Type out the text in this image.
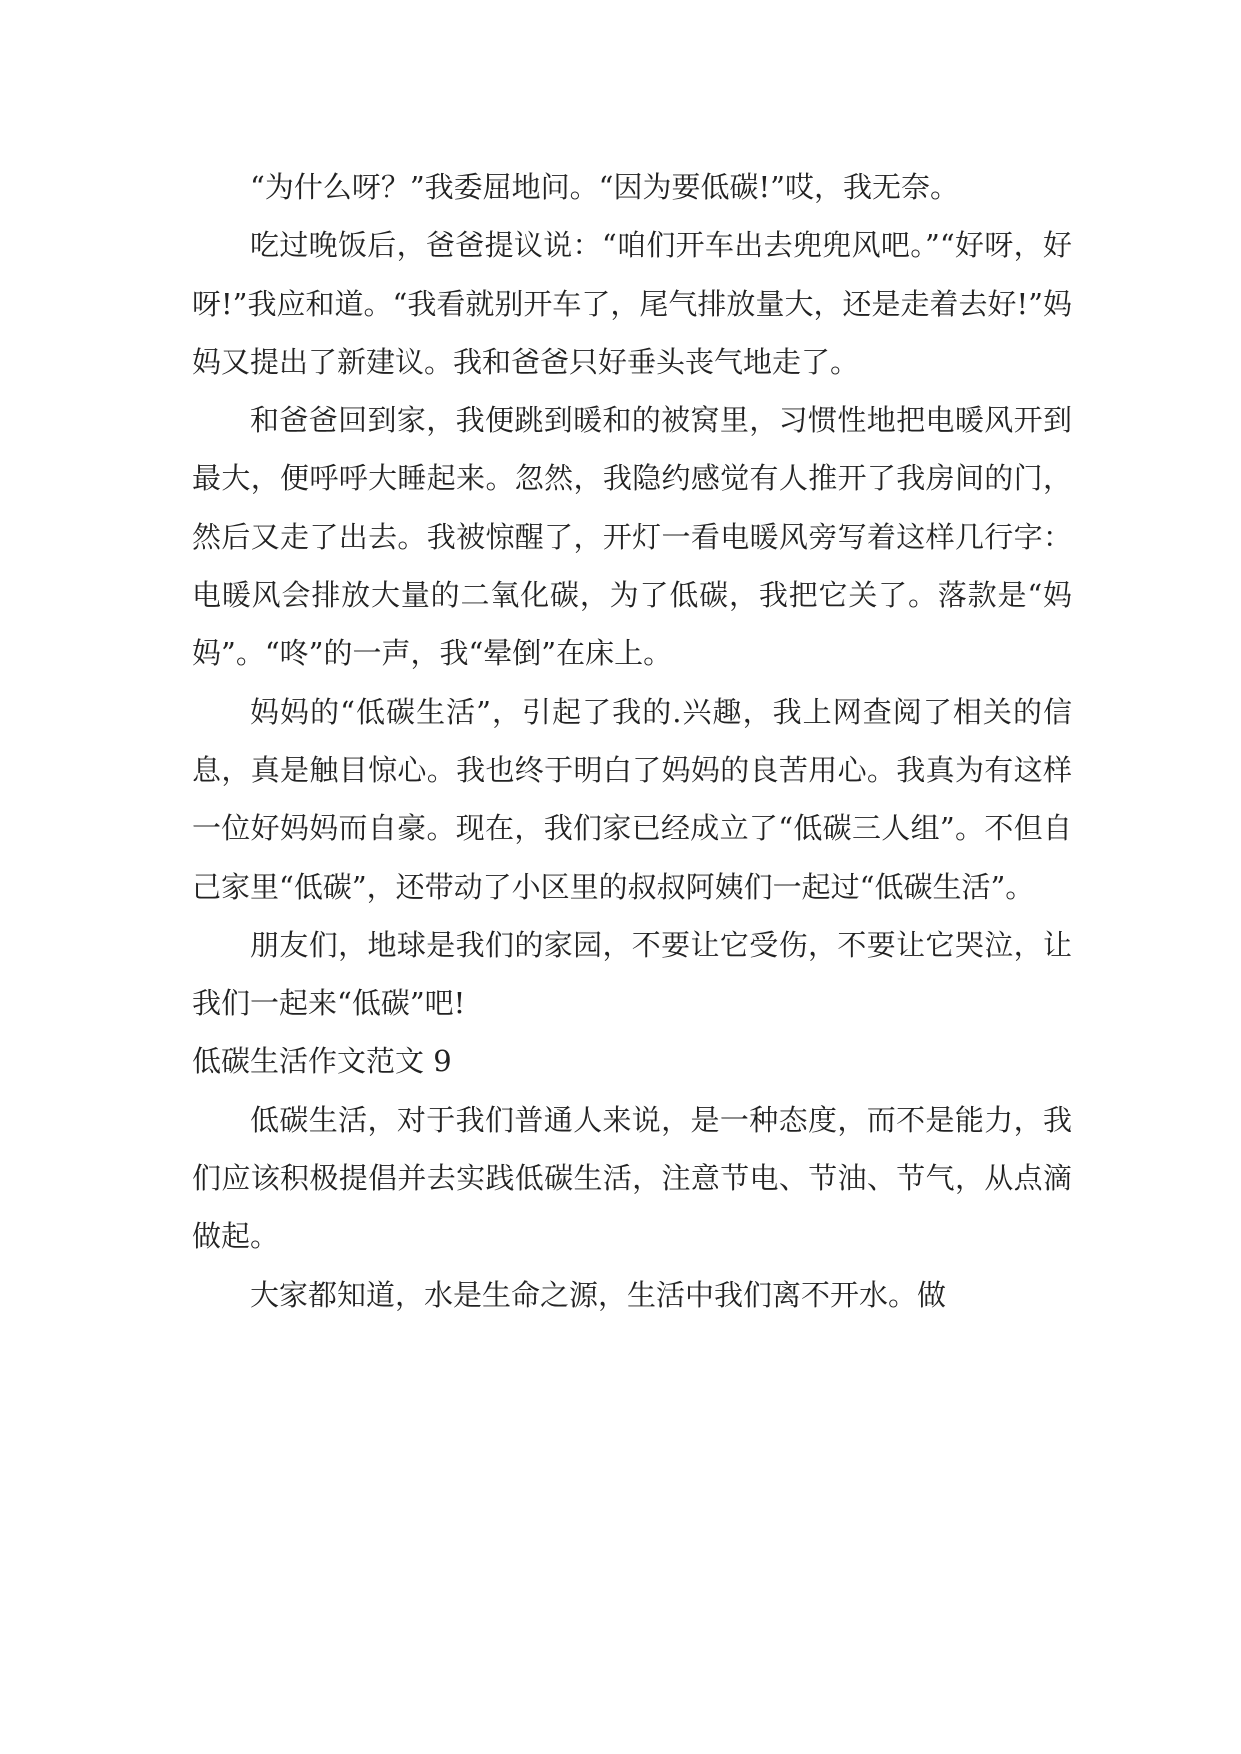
“为什么呀？”我委屈地问。“因为要低碳!”哎，我无奈。

吃过晚饭后，爸爸提议说：“咱们开车出去兜兜风吧。”“好呀，好呀!”我应和道。“我看就别开车了，尾气排放量大，还是走着去好!”妈妈又提出了新建议。我和爸爸只好垂头丧气地走了。

和爸爸回到家，我便跳到暖和的被窝里，习惯性地把电暖风开到最大，便呼呼大睡起来。忽然，我隐约感觉有人推开了我房间的门，然后又走了出去。我被惊醒了，开灯一看电暖风旁写着这样几行字：电暖风会排放大量的二氧化碳，为了低碳，我把它关了。落款是“妈妈”。“咚”的一声，我“晕倒”在床上。

妈妈的“低碳生活”，引起了我的.兴趣，我上网查阅了相关的信息，真是触目惊心。我也终于明白了妈妈的良苦用心。我真为有这样一位好妈妈而自豪。现在，我们家已经成立了“低碳三人组”。不但自己家里“低碳”，还带动了小区里的叔叔阿姨们一起过“低碳生活”。

朋友们，地球是我们的家园，不要让它受伤，不要让它哭泣，让我们一起来“低碳”吧!

低碳生活作文范文 9

低碳生活，对于我们普通人来说，是一种态度，而不是能力，我们应该积极提倡并去实践低碳生活，注意节电、节油、节气，从点滴做起。

大家都知道，水是生命之源，生活中我们离不开水。做
